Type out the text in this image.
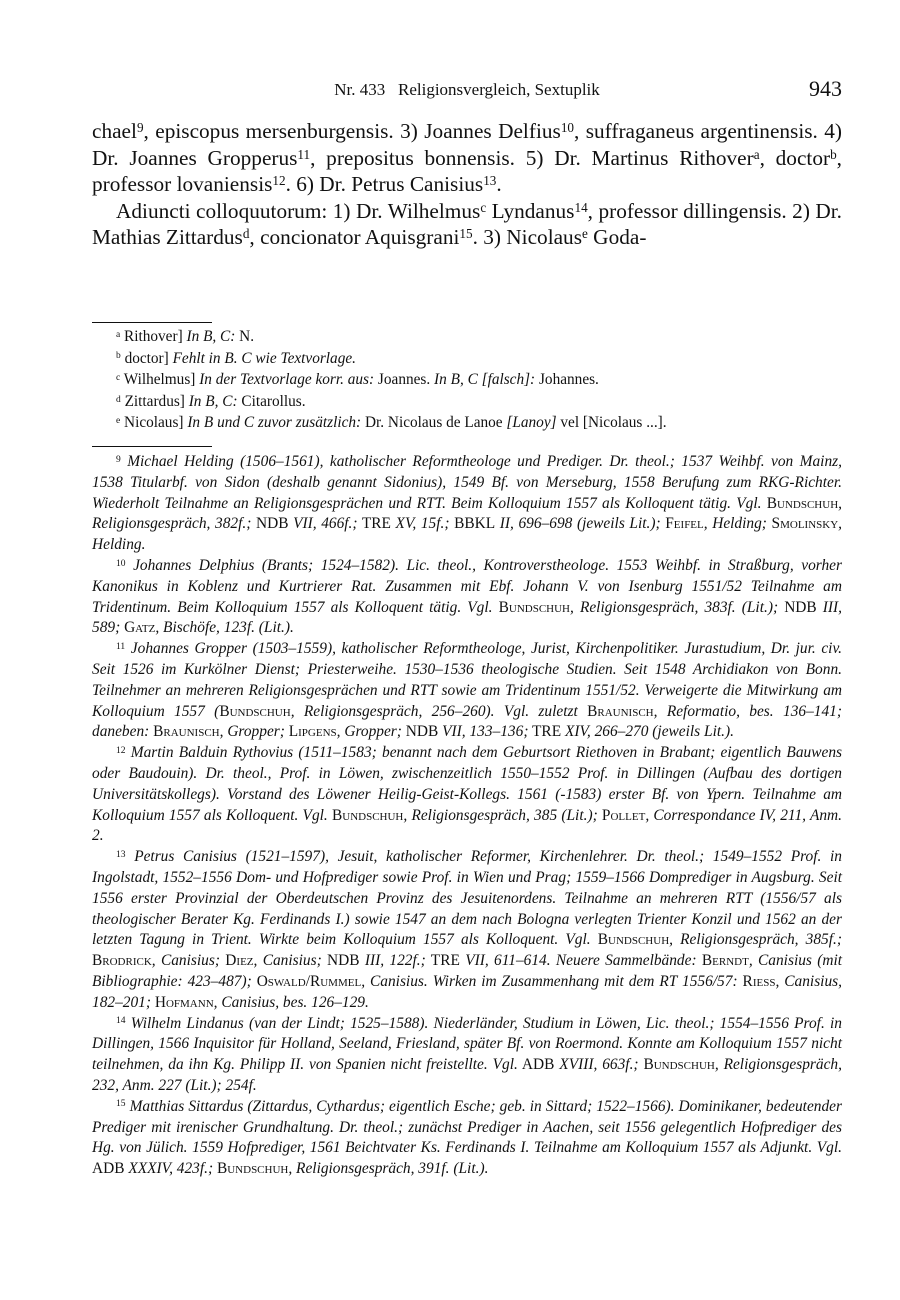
Nr. 433   Religionsvergleich, Sextuplik	943

chael$^9$, episcopus mersenburgensis. 3) Joannes Delfius$^{10}$, suffraganeus argentinensis. 4) Dr. Joannes Gropperus$^{11}$, prepositus bonnensis. 5) Dr. Martinus Rithover$^a$, doctor$^b$, professor lovaniensis$^{12}$. 6) Dr. Petrus Canisius$^{13}$.

Adiuncti colloquutorum: 1) Dr. Wilhelmus$^c$ Lyndanus$^{14}$, professor dillingensis. 2) Dr. Mathias Zittardus$^d$, concionator Aquisgrani$^{15}$. 3) Nicolaus$^e$ Goda-

$^a$ Rithover] In B, C: N.
$^b$ doctor] Fehlt in B. C wie Textvorlage.
$^c$ Wilhelmus] In der Textvorlage korr. aus: Joannes. In B, C [falsch]: Johannes.
$^d$ Zittardus] In B, C: Citarollus.
$^e$ Nicolaus] In B und C zuvor zusätzlich: Dr. Nicolaus de Lanoe [Lanoy] vel [Nicolaus ...].

$^9$ Michael Helding (1506–1561), katholischer Reformtheologe und Prediger. Dr. theol.; 1537 Weihbf. von Mainz, 1538 Titularbf. von Sidon (deshalb genannt Sidonius), 1549 Bf. von Merseburg, 1558 Berufung zum RKG-Richter. Wiederholt Teilnahme an Religionsgesprächen und RTT. Beim Kolloquium 1557 als Kolloquent tätig. Vgl. Bundschuh, Religionsgespräch, 382f.; NDB VII, 466f.; TRE XV, 15f.; BBKL II, 696–698 (jeweils Lit.); Feifel, Helding; Smolinsky, Helding.

$^{10}$ Johannes Delphius (Brants; 1524–1582). Lic. theol., Kontroverstheologe. 1553 Weihbf. in Straßburg, vorher Kanonikus in Koblenz und Kurtrierer Rat. Zusammen mit Ebf. Johann V. von Isenburg 1551/52 Teilnahme am Tridentinum. Beim Kolloquium 1557 als Kolloquent tätig. Vgl. Bundschuh, Religionsgespräch, 383f. (Lit.); NDB III, 589; Gatz, Bischöfe, 123f. (Lit.).

$^{11}$ Johannes Gropper (1503–1559), katholischer Reformtheologe, Jurist, Kirchenpolitiker. Jurastudium, Dr. jur. civ. Seit 1526 im Kurkölner Dienst; Priesterweihe. 1530–1536 theologische Studien. Seit 1548 Archidiakon von Bonn. Teilnehmer an mehreren Religionsgesprächen und RTT sowie am Tridentinum 1551/52. Verweigerte die Mitwirkung am Kolloquium 1557 (Bundschuh, Religionsgespräch, 256–260). Vgl. zuletzt Braunisch, Reformatio, bes. 136–141; daneben: Braunisch, Gropper; Lipgens, Gropper; NDB VII, 133–136; TRE XIV, 266–270 (jeweils Lit.).

$^{12}$ Martin Balduin Rythovius (1511–1583; benannt nach dem Geburtsort Riethoven in Brabant; eigentlich Bauwens oder Baudouin). Dr. theol., Prof. in Löwen, zwischenzeitlich 1550–1552 Prof. in Dillingen (Aufbau des dortigen Universitätskollegs). Vorstand des Löwener Heilig-Geist-Kollegs. 1561 (-1583) erster Bf. von Ypern. Teilnahme am Kolloquium 1557 als Kolloquent. Vgl. Bundschuh, Religionsgespräch, 385 (Lit.); Pollet, Correspondance IV, 211, Anm. 2.

$^{13}$ Petrus Canisius (1521–1597), Jesuit, katholischer Reformer, Kirchenlehrer. Dr. theol.; 1549–1552 Prof. in Ingolstadt, 1552–1556 Dom- und Hofprediger sowie Prof. in Wien und Prag; 1559–1566 Domprediger in Augsburg. Seit 1556 erster Provinzial der Oberdeutschen Provinz des Jesuitenordens. Teilnahme an mehreren RTT (1556/57 als theologischer Berater Kg. Ferdinands I.) sowie 1547 an dem nach Bologna verlegten Trienter Konzil und 1562 an der letzten Tagung in Trient. Wirkte beim Kolloquium 1557 als Kolloquent. Vgl. Bundschuh, Religionsgespräch, 385f.; Brodrick, Canisius; Diez, Canisius; NDB III, 122f.; TRE VII, 611–614. Neuere Sammelbände: Berndt, Canisius (mit Bibliographie: 423–487); Oswald/Rummel, Canisius. Wirken im Zusammenhang mit dem RT 1556/57: Riess, Canisius, 182–201; Hofmann, Canisius, bes. 126–129.

$^{14}$ Wilhelm Lindanus (van der Lindt; 1525–1588). Niederländer, Studium in Löwen, Lic. theol.; 1554–1556 Prof. in Dillingen, 1566 Inquisitor für Holland, Seeland, Friesland, später Bf. von Roermond. Konnte am Kolloquium 1557 nicht teilnehmen, da ihn Kg. Philipp II. von Spanien nicht freistellte. Vgl. ADB XVIII, 663f.; Bundschuh, Religionsgespräch, 232, Anm. 227 (Lit.); 254f.

$^{15}$ Matthias Sittardus (Zittardus, Cythardus; eigentlich Esche; geb. in Sittard; 1522–1566). Dominikaner, bedeutender Prediger mit irenischer Grundhaltung. Dr. theol.; zunächst Prediger in Aachen, seit 1556 gelegentlich Hofprediger des Hg. von Jülich. 1559 Hofprediger, 1561 Beichtvater Ks. Ferdinands I. Teilnahme am Kolloquium 1557 als Adjunkt. Vgl. ADB XXXIV, 423f.; Bundschuh, Religionsgespräch, 391f. (Lit.).
